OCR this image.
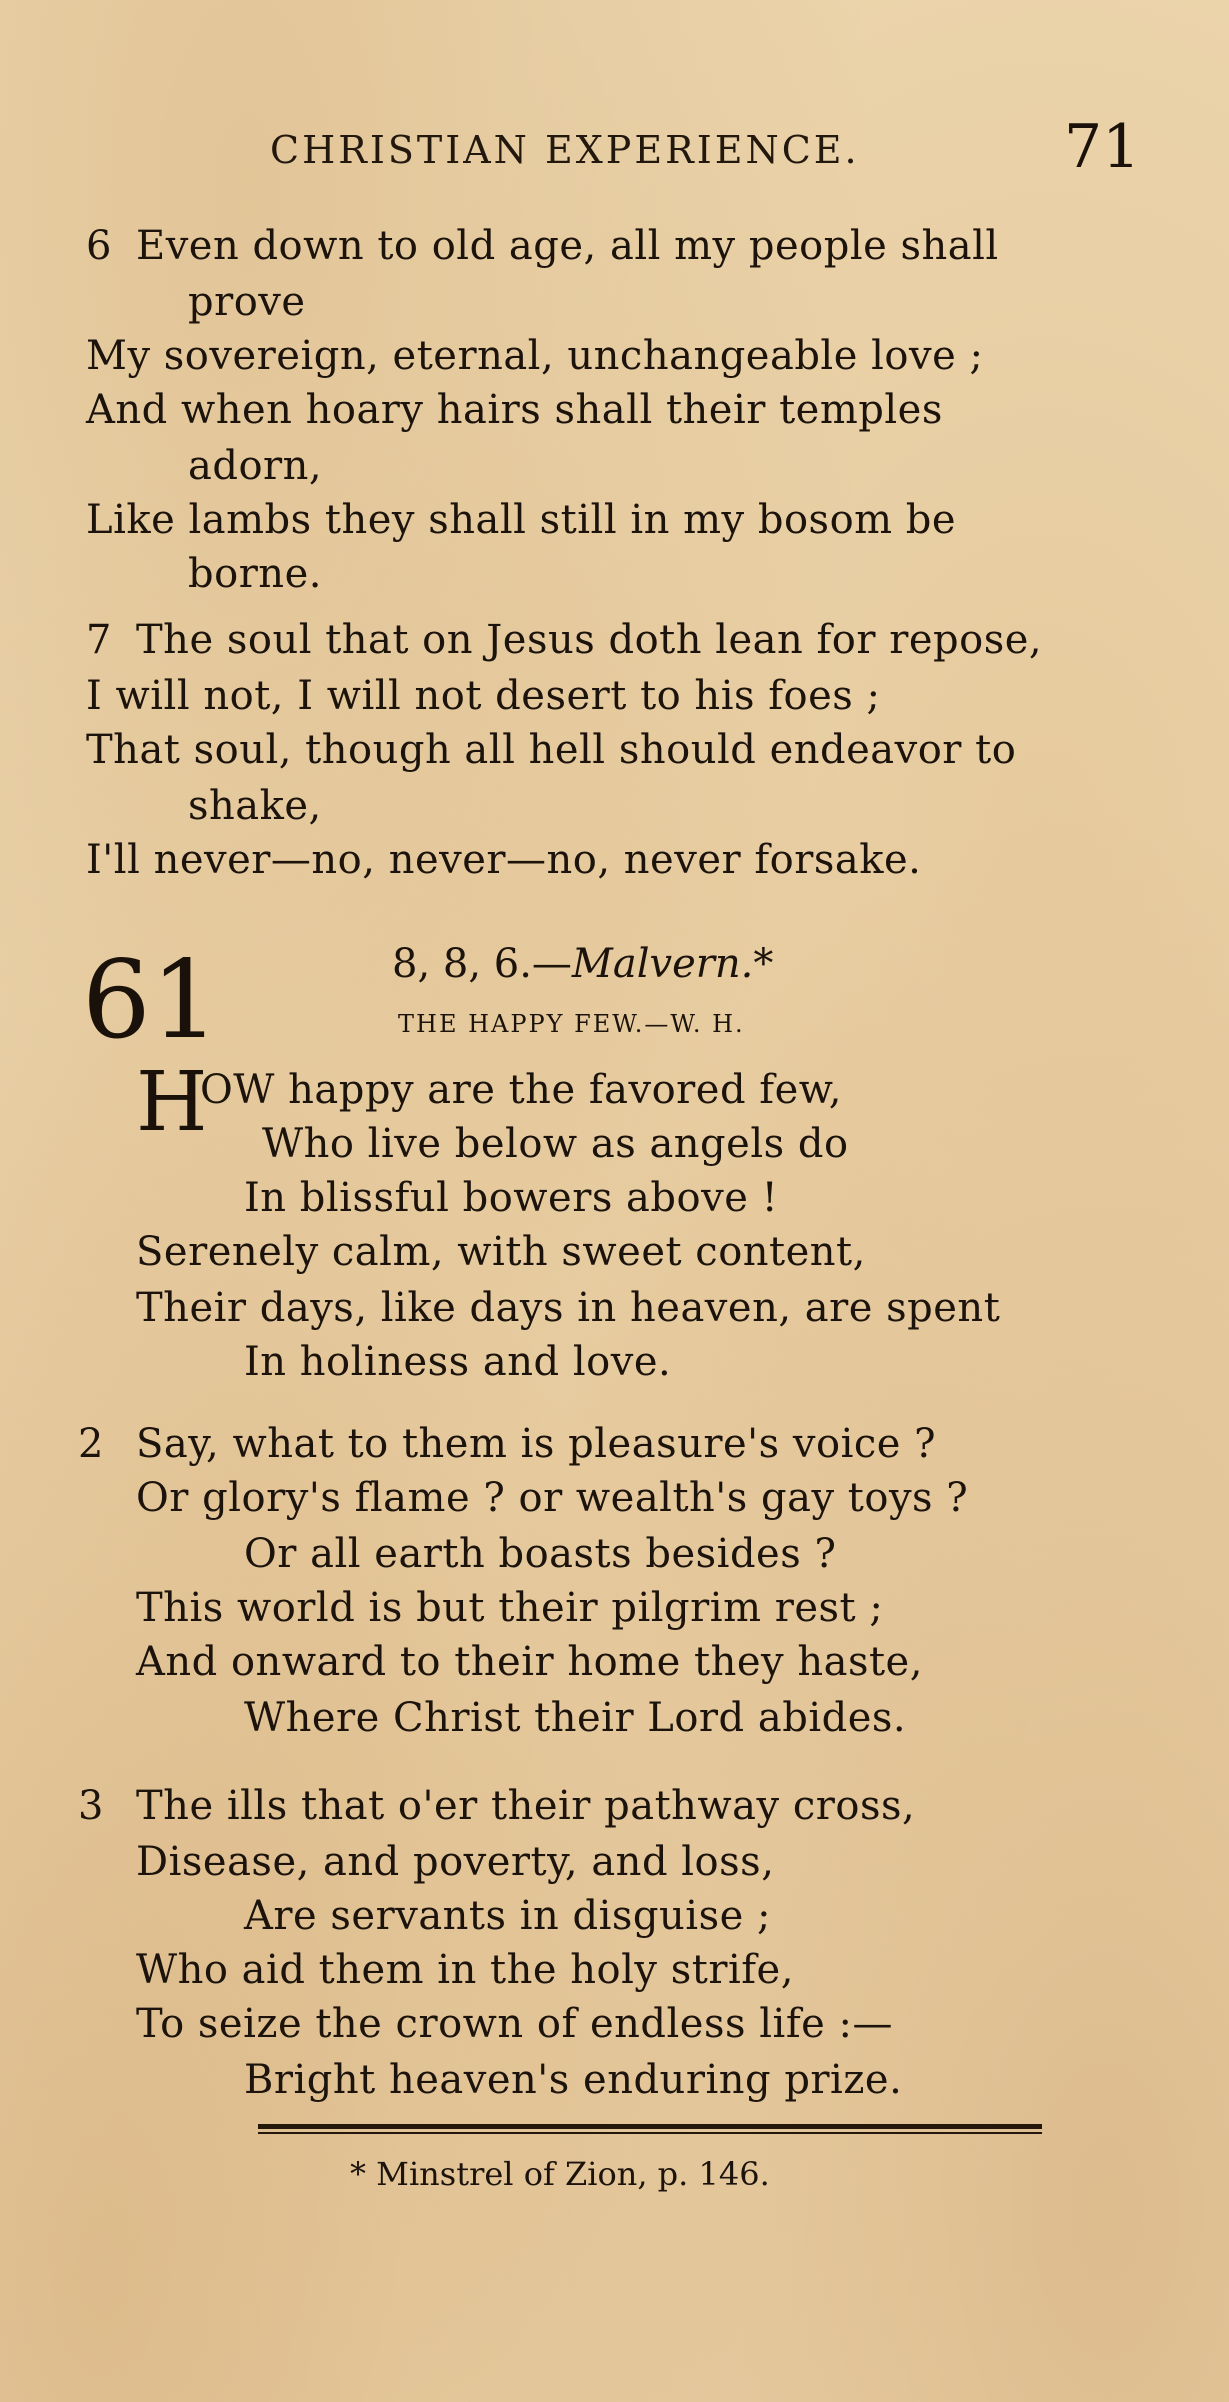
CHRISTIAN EXPERIENCE.	71
6 Even down to old age, all my people shall
prove
My sovereign, eternal, unchangeable love ;
And when hoary hairs shall their temples
adorn,
Like lambs they shall still in my bosom be
borne.
7 The soul that on Jesus doth lean for repose,
I will not, I will not desert to his foes ;
That soul, though all hell should endeavor to
shake,
I'll never—no, never—no, never forsake.
61	8, 8, 6.—Malvern.*
THE HAPPY FEW.—W. H.
H
OW happy are the favored few,
Who live below as angels do
In blissful bowers above !
Serenely calm, with sweet content,
Their days, like days in heaven, are spent
In holiness and love.
2 Say, what to them is pleasure's voice ?
Or glory's flame ? or wealth's gay toys ?
Or all earth boasts besides ?
This world is but their pilgrim rest ;
And onward to their home they haste,
Where Christ their Lord abides.
3 The ills that o'er their pathway cross,
Disease, and poverty, and loss,
Are servants in disguise ;
Who aid them in the holy strife,
To seize the crown of endless life :—
Bright heaven's enduring prize.
* Minstrel of Zion, p. 146.
